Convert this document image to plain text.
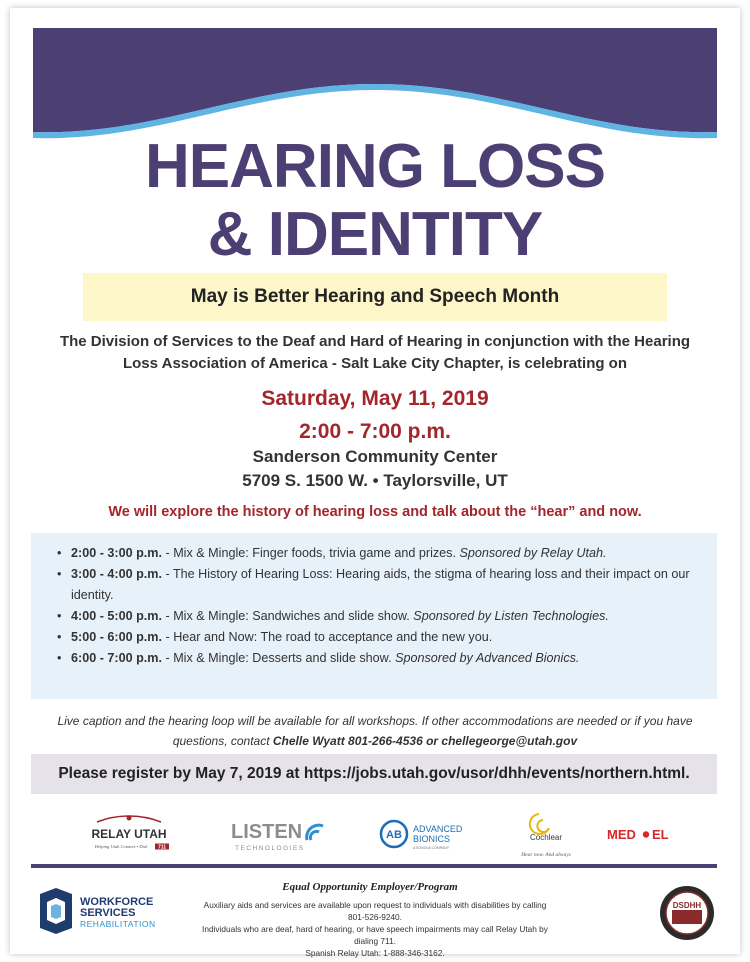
HEARING LOSS
& IDENTITY
May is Better Hearing and Speech Month
The Division of Services to the Deaf and Hard of Hearing in conjunction with the Hearing Loss Association of America - Salt Lake City Chapter, is celebrating on
Saturday, May 11, 2019
2:00 - 7:00 p.m.
Sanderson Community Center
5709 S. 1500 W. • Taylorsville, UT
We will explore the history of hearing loss and talk about the “hear” and now.
• 2:00 - 3:00 p.m. - Mix & Mingle: Finger foods, trivia game and prizes. Sponsored by Relay Utah.
• 3:00 - 4:00 p.m. - The History of Hearing Loss: Hearing aids, the stigma of hearing loss and their impact on our identity.
• 4:00 - 5:00 p.m. - Mix & Mingle: Sandwiches and slide show. Sponsored by Listen Technologies.
• 5:00 - 6:00 p.m. - Hear and Now: The road to acceptance and the new you.
• 6:00 - 7:00 p.m. - Mix & Mingle: Desserts and slide show. Sponsored by Advanced Bionics.
Live caption and the hearing loop will be available for all workshops. If other accommodations are needed or if you have questions, contact Chelle Wyatt 801-266-4536 or chellegeorge@utah.gov
Please register by May 7, 2019 at https://jobs.utah.gov/usor/dhh/events/northern.html.
RELAY UTAH
Helping Utah Connect • Dial 711
LISTEN
TECHNOLOGIES
AB ADVANCED
BIONICS
A SONOVA COMPANY
Cochlear
Hear now. And always
MED EL
WORKFORCE
SERVICES
REHABILITATION
Equal Opportunity Employer/Program
Auxiliary aids and services are available upon request to individuals with disabilities by calling 801-526-9240.
Individuals who are deaf, hard of hearing, or have speech impairments may call Relay Utah by dialing 711.
Spanish Relay Utah: 1-888-346-3162.
DSDHH
